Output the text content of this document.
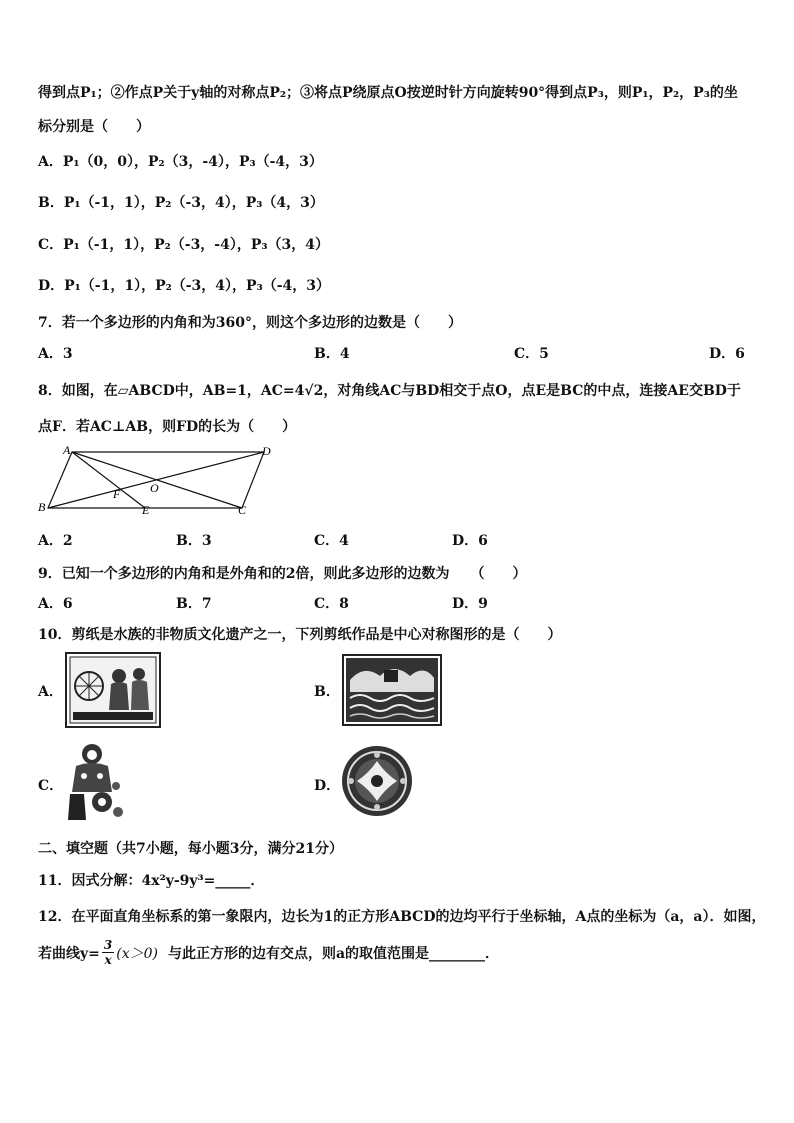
得到点P₁；②作点P关于y轴的对称点P₂；③将点P绕原点O按逆时针方向旋转90°得到点P₃，则P₁，P₂，P₃的坐
标分别是（　　）
A．P₁（0，0），P₂（3，-4），P₃（-4，3）
B．P₁（-1，1），P₂（-3，4），P₃（4，3）
C．P₁（-1，1），P₂（-3，-4），P₃（3，4）
D．P₁（-1，1），P₂（-3，4），P₃（-4，3）
7．若一个多边形的内角和为360°，则这个多边形的边数是（　　）
A．3	B．4	C．5	D．6
8．如图，在▱ABCD中，AB=1，AC=4√2，对角线AC与BD相交于点O，点E是BC的中点，连接AE交BD于
点F．若AC⊥AB，则FD的长为（　　）
A	D
B	C
O
F
E
A．2	B．3	C．4	D．6
9．已知一个多边形的内角和是外角和的2倍，则此多边形的边数为　　（　　）
A．6	B．7	C．8	D．9
10．剪纸是水族的非物质文化遗产之一，下列剪纸作品是中心对称图形的是（　　）
A．	B．
C．	D．
二、填空题（共7小题，每小题3分，满分21分）
11．因式分解：4x²y-9y³=_____．
12．在平面直角坐标系的第一象限内，边长为1的正方形ABCD的边均平行于坐标轴，A点的坐标为（a，a）．如图，
若曲线$y= \frac{3}{x} (x>0)$ 与此正方形的边有交点，则a的取值范围是________．
